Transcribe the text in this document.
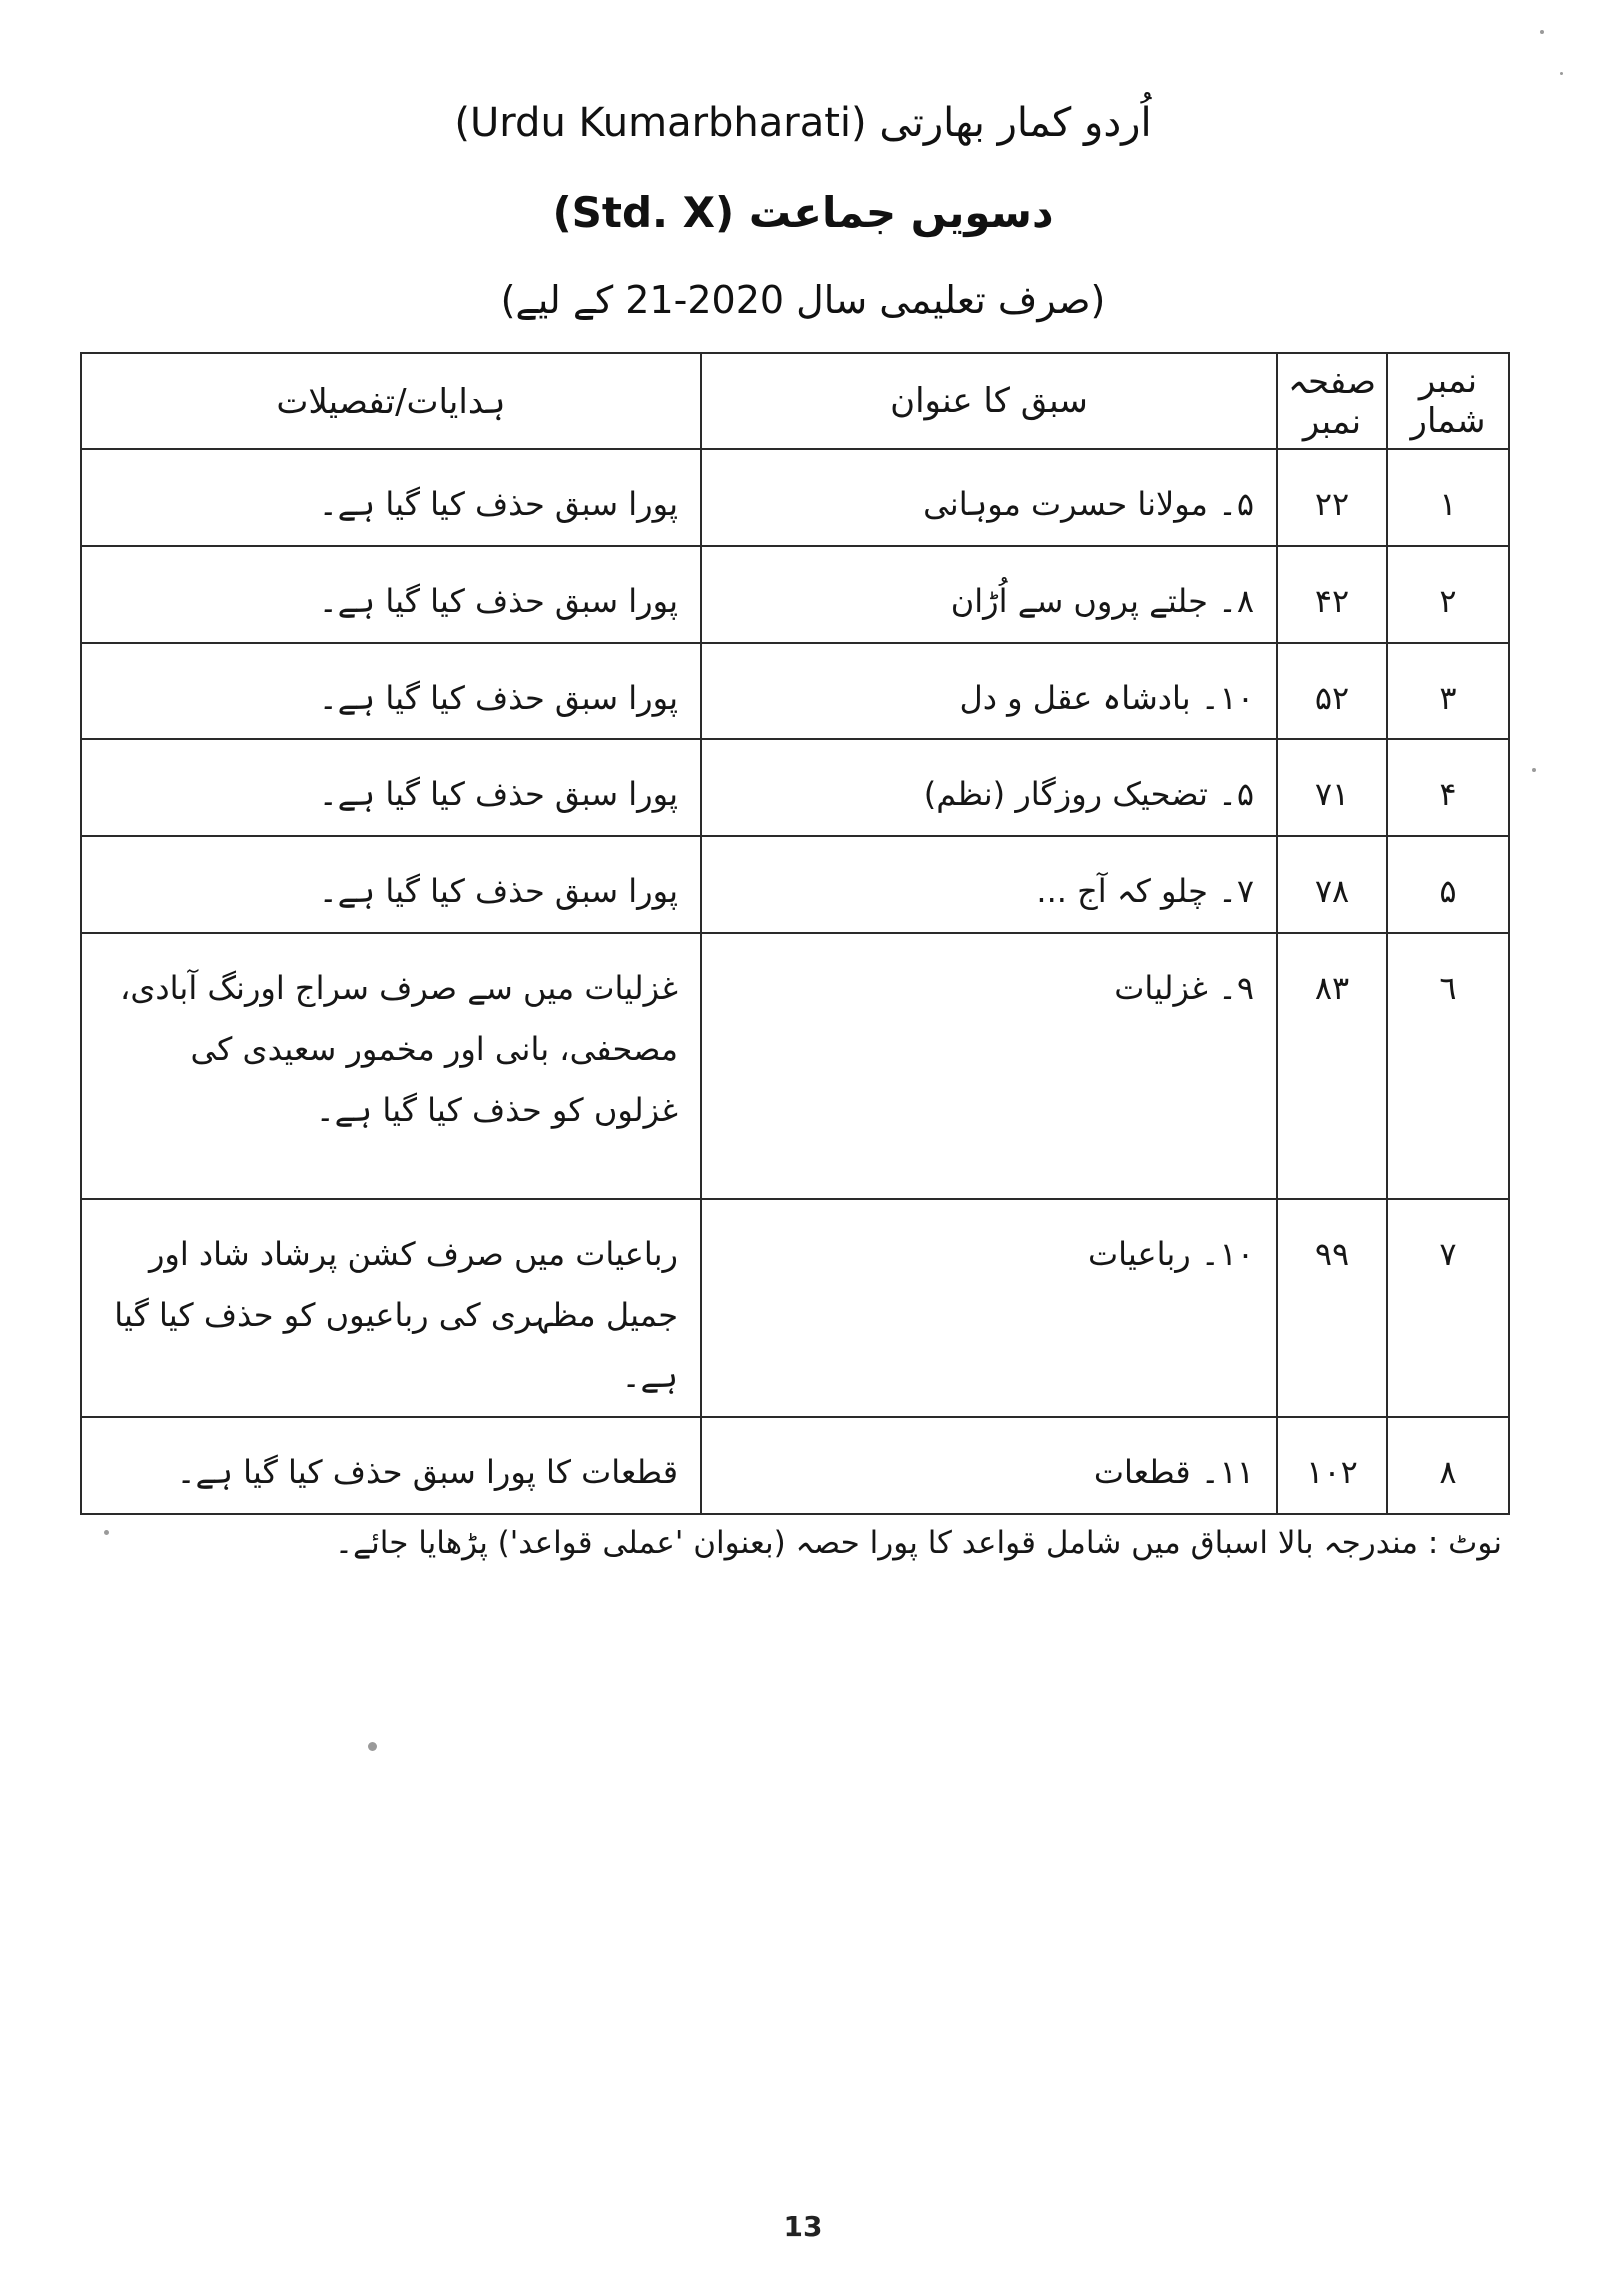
اُردو کمار بھارتی (Urdu Kumarbharati)
دسویں جماعت (Std. X)
(صرف تعلیمی سال 2020-21 کے لیے)
نمبر شمار	صفحہ نمبر	سبق کا عنوان	ہدایات/تفصیلات
١	٢٢	۵۔ مولانا حسرت موہانی	پورا سبق حذف کیا گیا ہے۔
٢	۴٢	۸۔ جلتے پروں سے اُڑان	پورا سبق حذف کیا گیا ہے۔
٣	۵٢	١٠۔ بادشاہ عقل و دل	پورا سبق حذف کیا گیا ہے۔
۴	٧١	۵۔ تضحیک روزگار (نظم)	پورا سبق حذف کیا گیا ہے۔
۵	٧٨	٧۔ چلو کہ آج ...	پورا سبق حذف کیا گیا ہے۔
٦	٨٣	٩۔ غزلیات	غزلیات میں سے صرف سراج اورنگ آبادی، مصحفی، بانی اور مخمور سعیدی کی غزلوں کو حذف کیا گیا ہے۔
٧	٩٩	١٠۔ رباعیات	رباعیات میں صرف کشن پرشاد شاد اور جمیل مظہری کی رباعیوں کو حذف کیا گیا ہے۔
٨	١٠٢	١١۔ قطعات	قطعات کا پورا سبق حذف کیا گیا ہے۔
نوٹ : مندرجہ بالا اسباق میں شامل قواعد کا پورا حصہ (بعنوان 'عملی قواعد') پڑھایا جائے۔
13
